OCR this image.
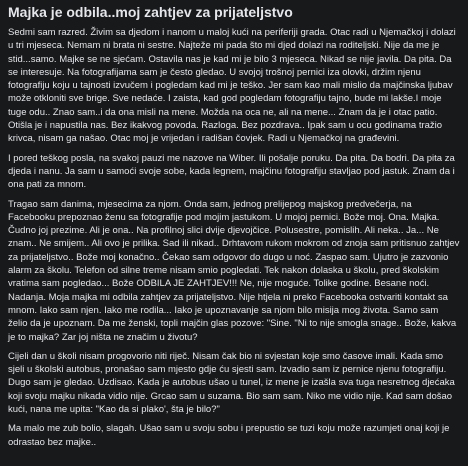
Majka je odbila..moj zahtjev za prijateljstvo

Sedmi sam razred. Živim sa djedom i nanom u maloj kući na periferiji grada. Otac radi u Njemačkoj i dolazi u tri mjeseca. Nemam ni brata ni sestre. Najteže mi pada što mi djed dolazi na roditeljski. Nije da me je stid...samo. Majke se ne sjećam. Ostavila nas je kad mi je bilo 3 mjeseca. Nikad se nije javila. Da pita. Da se interesuje. Na fotografijama sam je često gledao. U svojoj trošnoj pernici iza olovki, držim njenu fotografiju koju u tajnosti izvučem i pogledam kad mi je teško. Jer sam kao mali mislio da majčinska ljubav može otkloniti sve brige. Sve nedaće. I zaista, kad god pogledam fotografiju tajno, bude mi lakše.I moje tuge odu.. Znao sam..i da ona misli na mene. Možda na oca ne, ali na mene... Znam da je i otac patio. Otišla je i napustila nas. Bez ikakvog povoda. Razloga. Bez pozdrava.. Ipak sam u ocu godinama tražio krivca, nisam ga našao. Otac moj je vrijedan i radišan čovjek. Radi u Njemačkoj na građevini.

I pored teškog posla, na svakoj pauzi me nazove na Wiber. Ili pošalje poruku. Da pita. Da bodri. Da pita za djeda i nanu. Ja sam u samoći svoje sobe, kada legnem, majčinu fotografiju stavljao pod jastuk. Znam da i ona pati za mnom.

Tragao sam danima, mjesecima za njom. Onda sam, jednog prelijepog majskog predvečerja, na Facebooku prepoznao ženu sa fotografije pod mojim jastukom. U mojoj pernici. Bože moj. Ona. Majka. Čudno joj prezime. Ali je ona.. Na profilnoj slici dvije djevojčice. Polusestre, pomislih. Ali neka.. Ja... Ne znam.. Ne smijem.. Ali ovo je prilika. Sad ili nikad.. Drhtavom rukom mokrom od znoja sam pritisnuo zahtjev za prijateljstvo.. Bože moj konačno.. Čekao sam odgovor do dugo u noć. Zaspao sam. Ujutro je zazvonio alarm za školu. Telefon od silne treme nisam smio pogledati. Tek nakon dolaska u školu, pred školskim vratima sam pogledao... Bože ODBILA JE ZAHTJEV!!! Ne, nije moguće. Tolike godine. Besane noći. Nadanja. Moja majka mi odbila zahtjev za prijateljstvo. Nije htjela ni preko Facebooka ostvariti kontakt sa mnom. Iako sam njen. Iako me rodila... Iako je upoznavanje sa njom bilo misija mog života. Samo sam želio da je upoznam. Da me ženski, topli majčin glas pozove: "Sine. "Ni to nije smogla snage.. Bože, kakva je to majka? Zar joj ništa ne značim u životu?

Cijeli dan u školi nisam progovorio niti riječ. Nisam čak bio ni svjestan koje smo časove imali. Kada smo sjeli u školski autobus, pronašao sam mjesto gdje ću sjesti sam. Izvadio sam iz pernice njenu fotografiju. Dugo sam je gledao. Uzdisao. Kada je autobus ušao u tunel, iz mene je izašla sva tuga nesretnog djećaka koji svoju majku nikada vidio nije. Grcao sam u suzama. Bio sam sam. Niko me vidio nije. Kad sam došao kući, nana me upita: "Kao da si plako', šta je bilo?"

Ma malo me zub bolio, slagah. Ušao sam u svoju sobu i prepustio se tuzi koju može razumjeti onaj koji je odrastao bez majke..
